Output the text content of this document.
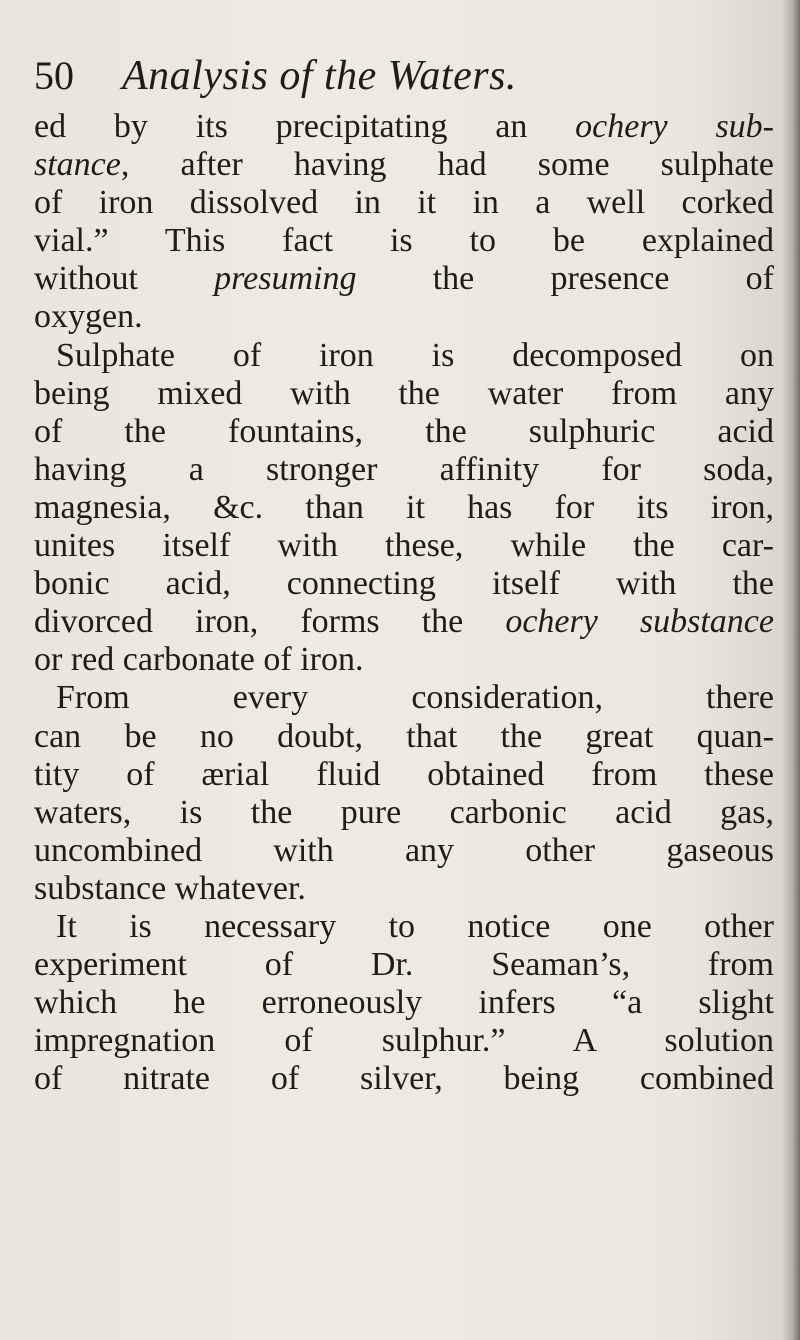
50 Analysis of the Waters.
ed by its precipitating an ochery sub-
stance, after having had some sulphate
of iron dissolved in it in a well corked
vial.” This fact is to be explained
without presuming the presence of
oxygen.
Sulphate of iron is decomposed on
being mixed with the water from any
of the fountains, the sulphuric acid
having a stronger affinity for soda,
magnesia, &c. than it has for its iron,
unites itself with these, while the car-
bonic acid, connecting itself with the
divorced iron, forms the ochery substance
or red carbonate of iron.
From every consideration, there
can be no doubt, that the great quan-
tity of ærial fluid obtained from these
waters, is the pure carbonic acid gas,
uncombined with any other gaseous
substance whatever.
It is necessary to notice one other
experiment of Dr. Seaman’s, from
which he erroneously infers “a slight
impregnation of sulphur.” A solution
of nitrate of silver, being combined
